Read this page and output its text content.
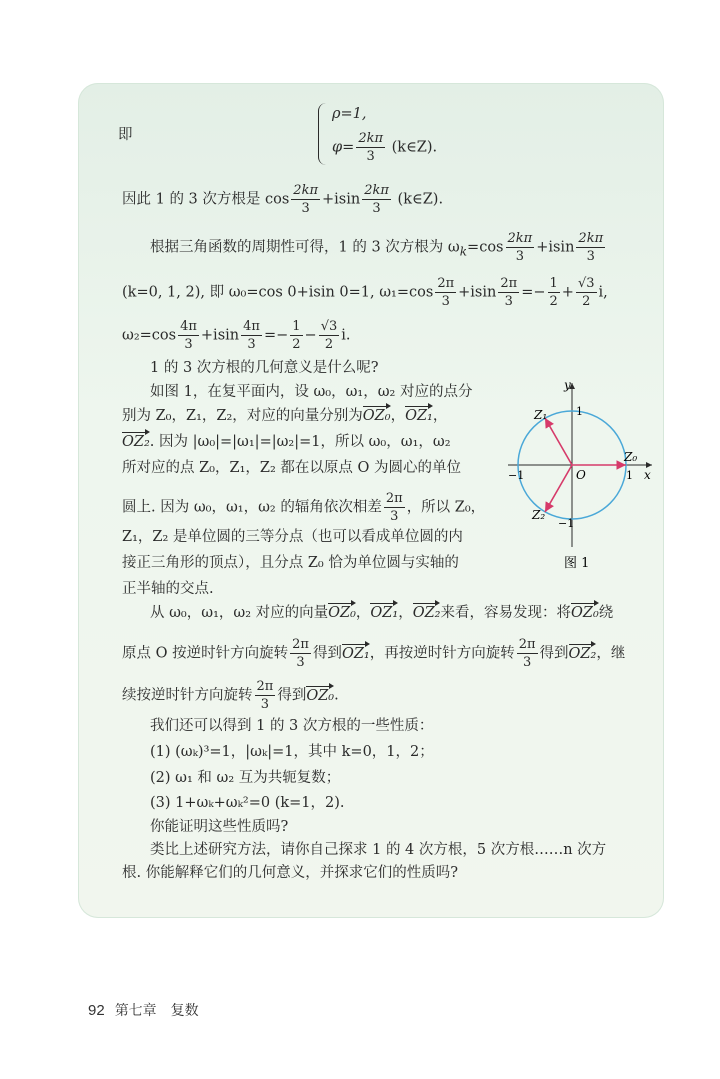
即
ρ=1,
$\varphi= \frac{2k\pi}{3}$ (k∈Z).
因此 1 的 3 次方根是 $\cos \frac{2k\pi}{3} +isin \frac{2k\pi}{3}$ (k∈Z).
根据三角函数的周期性可得，1 的 3 次方根为 $\omega_k=\cos \frac{2k\pi}{3} +isin \frac{2k\pi}{3}$
(k=0, 1, 2), 即 ω₀=cos 0+isin 0=1, $\omega_1=\cos \frac{2\pi}{3} +isin \frac{2\pi}{3} =- \frac{1}{2} + \frac{√3}{2} i$,
$\omega_2=\cos \frac{4\pi}{3} +isin \frac{4\pi}{3} =- \frac{1}{2} - \frac{√3}{2} i$.
1 的 3 次方根的几何意义是什么呢?
如图 1，在复平面内，设 ω₀，ω₁，ω₂ 对应的点分
别为 Z₀，Z₁，Z₂，对应的向量分别为OZ₀，OZ₁，
OZ₂. 因为 |ω₀|=|ω₁|=|ω₂|=1，所以 ω₀，ω₁，ω₂
所对应的点 Z₀，Z₁，Z₂ 都在以原点 O 为圆心的单位
圆上. 因为 ω₀，ω₁，ω₂ 的辐角依次相差 $\frac{2\pi}{3}$ ，所以 Z₀，
Z₁，Z₂ 是单位圆的三等分点（也可以看成单位圆的内
接正三角形的顶点），且分点 Z₀ 恰为单位圆与实轴的
正半轴的交点.
从 ω₀，ω₁，ω₂ 对应的向量OZ₀，OZ₁，OZ₂来看，容易发现：将OZ₀绕
原点 O 按逆时针方向旋转 $\frac{2\pi}{3}$ 得到OZ₁，再按逆时针方向旋转 $\frac{2\pi}{3}$ 得到OZ₂，继
续按逆时针方向旋转 $\frac{2\pi}{3}$ 得到OZ₀.
我们还可以得到 1 的 3 次方根的一些性质：
(1) (ωₖ)³=1，|ωₖ|=1，其中 k=0，1，2；
(2) ω₁ 和 ω₂ 互为共轭复数；
(3) 1+ωₖ+ωₖ²=0 (k=1，2).
你能证明这些性质吗?
类比上述研究方法，请你自己探求 1 的 4 次方根，5 次方根……n 次方
根. 你能解释它们的几何意义，并探求它们的性质吗?
y
x
1
−1
−1	1
O
Z₀
Z₁
Z₂
图 1
92 第七章　复数
